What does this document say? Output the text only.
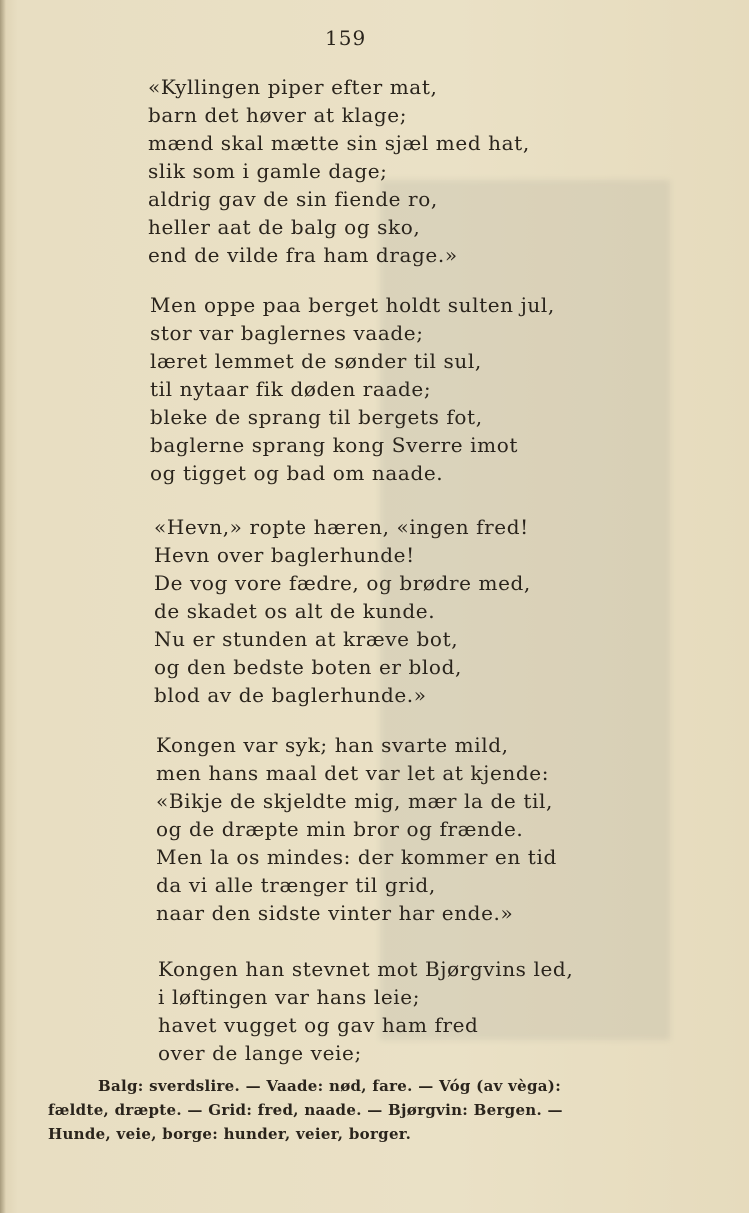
159
«Kyllingen piper efter mat,
barn det høver at klage;
mænd skal mætte sin sjæl med hat,
slik som i gamle dage;
aldrig gav de sin fiende ro,
heller aat de balg og sko,
end de vilde fra ham drage.»
Men oppe paa berget holdt sulten jul,
stor var baglernes vaade;
læret lemmet de sønder til sul,
til nytaar fik døden raade;
bleke de sprang til bergets fot,
baglerne sprang kong Sverre imot
og tigget og bad om naade.
«Hevn,» ropte hæren, «ingen fred!
Hevn over baglerhunde!
De vog vore fædre, og brødre med,
de skadet os alt de kunde.
Nu er stunden at kræve bot,
og den bedste boten er blod,
blod av de baglerhunde.»
Kongen var syk; han svarte mild,
men hans maal det var let at kjende:
«Bikje de skjeldte mig, mær la de til,
og de dræpte min bror og frænde.
Men la os mindes: der kommer en tid
da vi alle trænger til grid,
naar den sidste vinter har ende.»
Kongen han stevnet mot Bjørgvins led,
i løftingen var hans leie;
havet vugget og gav ham fred
over de lange veie;
Balg: sverdslire. — Vaade: nød, fare. — Vóg (av vèga):
fældte, dræpte. — Grid: fred, naade. — Bjørgvin: Bergen. —
Hunde, veie, borge: hunder, veier, borger.
